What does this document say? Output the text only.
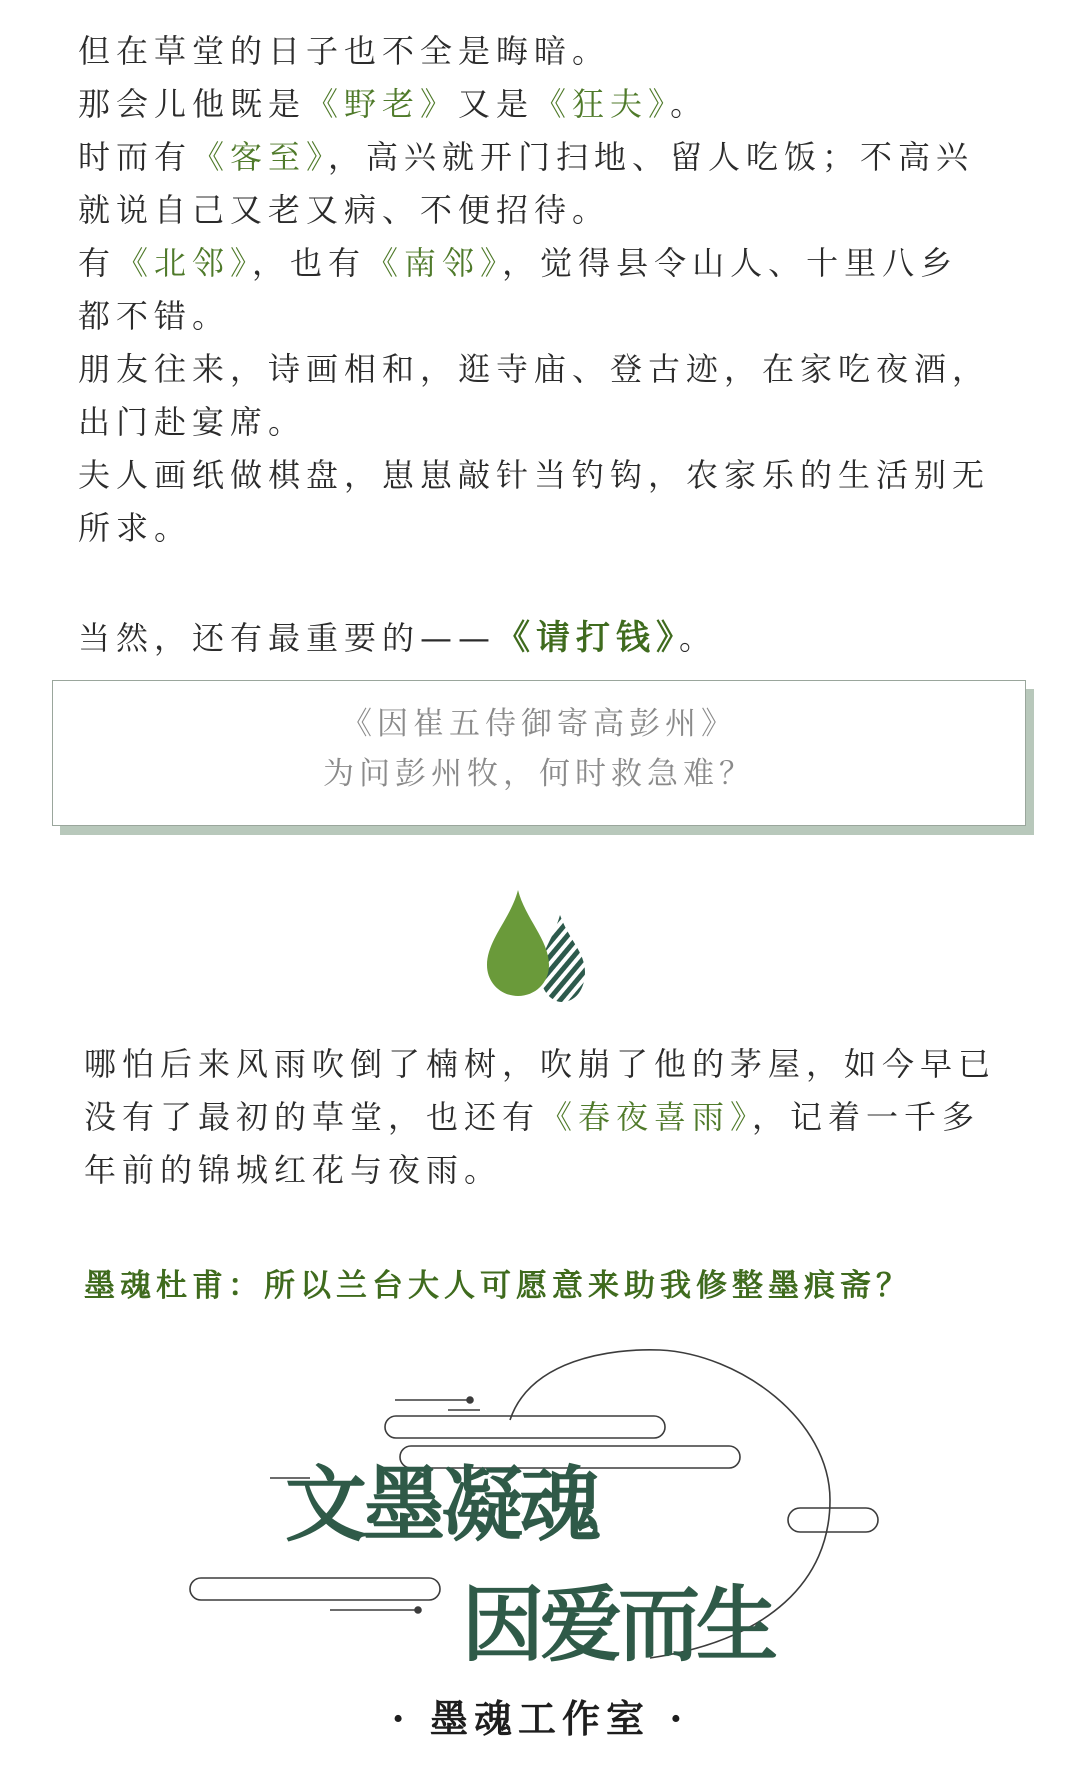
但在草堂的日子也不全是晦暗。
那会儿他既是《野老》又是《狂夫》。
时而有《客至》，高兴就开门扫地、留人吃饭；不高兴
就说自己又老又病、不便招待。
有《北邻》，也有《南邻》，觉得县令山人、十里八乡
都不错。
朋友往来，诗画相和，逛寺庙、登古迹，在家吃夜酒，
出门赴宴席。
夫人画纸做棋盘，崽崽敲针当钓钩，农家乐的生活别无
所求。
当然，还有最重要的——《请打钱》。
《因崔五侍御寄高彭州》
为问彭州牧，何时救急难？
哪怕后来风雨吹倒了楠树，吹崩了他的茅屋，如今早已
没有了最初的草堂，也还有《春夜喜雨》，记着一千多
年前的锦城红花与夜雨。
墨魂杜甫：所以兰台大人可愿意来助我修整墨痕斋？
文墨凝魂
因爱而生
· 墨魂工作室 ·
